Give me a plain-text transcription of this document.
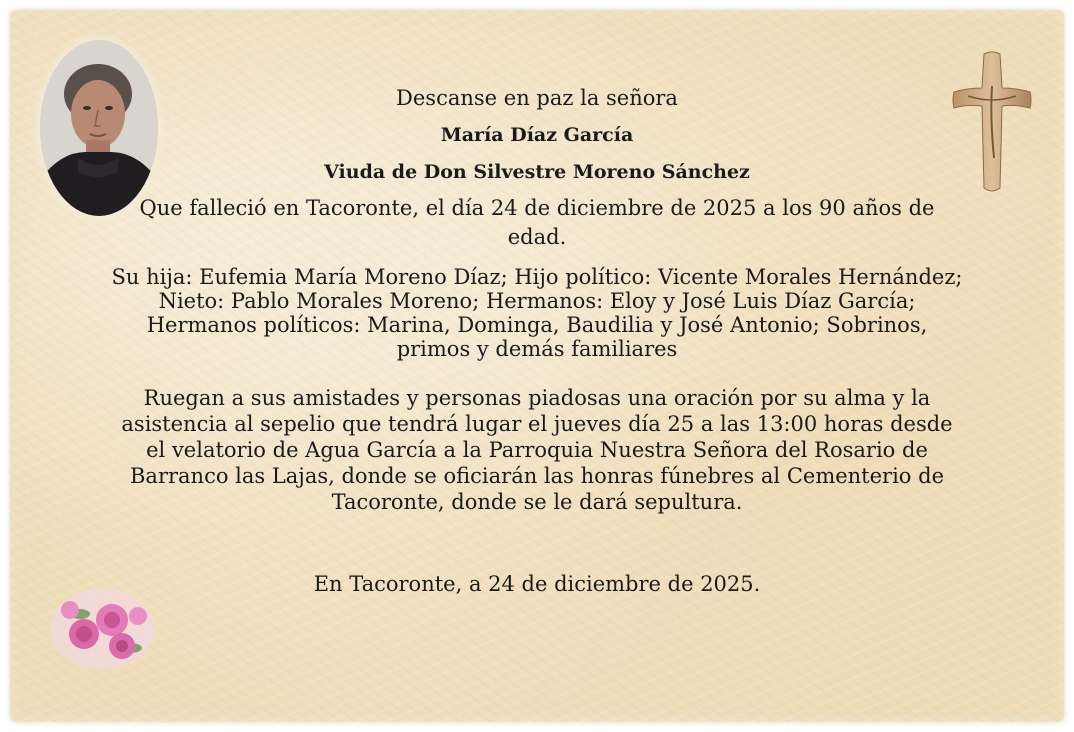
Descanse en paz la señora

María Díaz García

Viuda de Don Silvestre Moreno Sánchez

Que falleció en Tacoronte, el día 24 de diciembre de 2025 a los 90 años de edad.

Su hija: Eufemia María Moreno Díaz; Hijo político: Vicente Morales Hernández; Nieto: Pablo Morales Moreno; Hermanos: Eloy y José Luis Díaz García; Hermanos políticos: Marina, Dominga, Baudilia y José Antonio; Sobrinos, primos y demás familiares

Ruegan a sus amistades y personas piadosas una oración por su alma y la asistencia al sepelio que tendrá lugar el jueves día 25 a las 13:00 horas desde el velatorio de Agua García a la Parroquia Nuestra Señora del Rosario de Barranco las Lajas, donde se oficiarán las honras fúnebres al Cementerio de Tacoronte, donde se le dará sepultura.

En Tacoronte, a 24 de diciembre de 2025.
